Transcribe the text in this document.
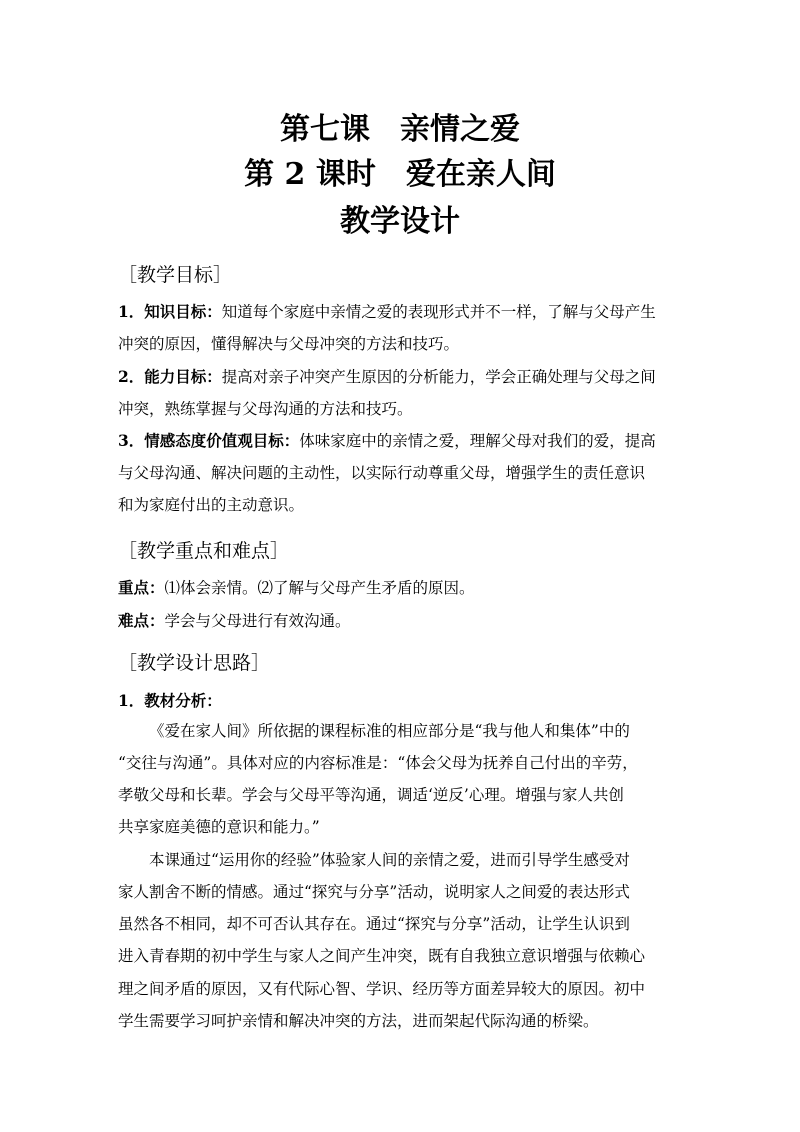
第七课　亲情之爱
第 2 课时　爱在亲人间
教学设计
［教学目标］
1．知识目标：知道每个家庭中亲情之爱的表现形式并不一样，了解与父母产生
冲突的原因，懂得解决与父母冲突的方法和技巧。
2．能力目标：提高对亲子冲突产生原因的分析能力，学会正确处理与父母之间
冲突，熟练掌握与父母沟通的方法和技巧。
3．情感态度价值观目标：体味家庭中的亲情之爱，理解父母对我们的爱，提高
与父母沟通、解决问题的主动性，以实际行动尊重父母，增强学生的责任意识
和为家庭付出的主动意识。
［教学重点和难点］
重点：⑴体会亲情。⑵了解与父母产生矛盾的原因。
难点：学会与父母进行有效沟通。
［教学设计思路］
1．教材分析：
《爱在家人间》所依据的课程标准的相应部分是“我与他人和集体”中的
“交往与沟通”。具体对应的内容标准是：“体会父母为抚养自己付出的辛劳，
孝敬父母和长辈。学会与父母平等沟通，调适‘逆反’心理。增强与家人共创
共享家庭美德的意识和能力。”
本课通过“运用你的经验”体验家人间的亲情之爱，进而引导学生感受对
家人割舍不断的情感。通过“探究与分享”活动，说明家人之间爱的表达形式
虽然各不相同，却不可否认其存在。通过“探究与分享”活动，让学生认识到
进入青春期的初中学生与家人之间产生冲突，既有自我独立意识增强与依赖心
理之间矛盾的原因，又有代际心智、学识、经历等方面差异较大的原因。初中
学生需要学习呵护亲情和解决冲突的方法，进而架起代际沟通的桥梁。
